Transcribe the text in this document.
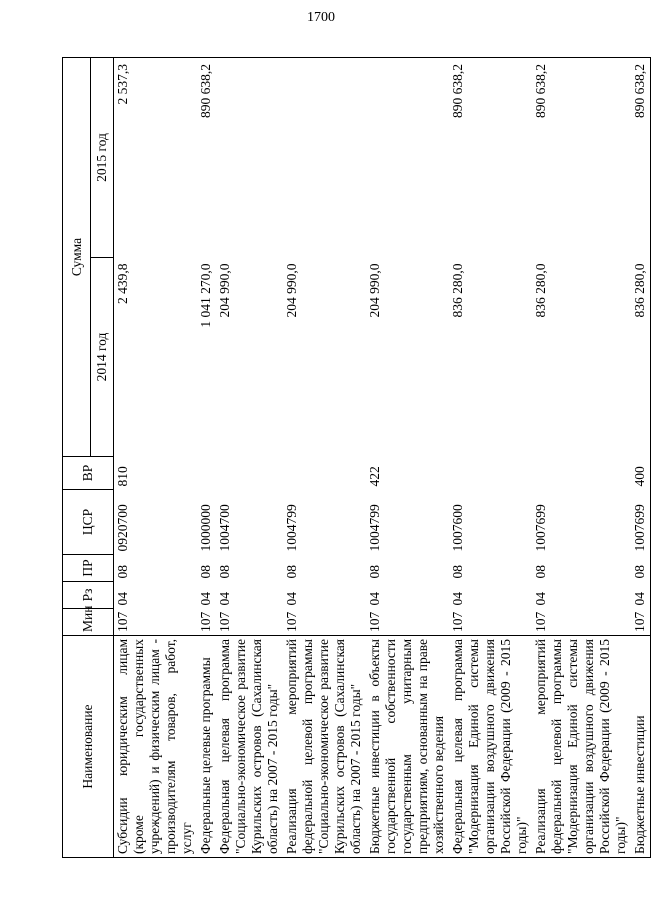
1700
Наименование	Мин	Рз	ПР	ЦСР	ВР	Сумма	
						2014 год	2015 год
Субсидии юридическим лицам (кроме государственных учреждений) и физическим лицам - производителям товаров, работ, услуг	107	04	08	0920700	810	2 439,8	2 537,3
Федеральные целевые программы	107	04	08	1000000		1 041 270,0	890 638,2
Федеральная целевая программа "Социально-экономическое развитие Курильских островов (Сахалинская область) на 2007 - 2015 годы"	107	04	08	1004700		204 990,0	
Реализация мероприятий федеральной целевой программы "Социально-экономическое развитие Курильских островов (Сахалинская область) на 2007 - 2015 годы"	107	04	08	1004799		204 990,0	
Бюджетные инвестиции в объекты государственной собственности государственным унитарным предприятиям, основанным на праве хозяйственного ведения	107	04	08	1004799	422	204 990,0	
Федеральная целевая программа "Модернизация Единой системы организации воздушного движения Российской Федерации (2009 - 2015 годы)"	107	04	08	1007600		836 280,0	890 638,2
Реализация мероприятий федеральной целевой программы "Модернизация Единой системы организации воздушного движения Российской Федерации (2009 - 2015 годы)"	107	04	08	1007699		836 280,0	890 638,2
Бюджетные инвестиции	107	04	08	1007699	400	836 280,0	890 638,2
